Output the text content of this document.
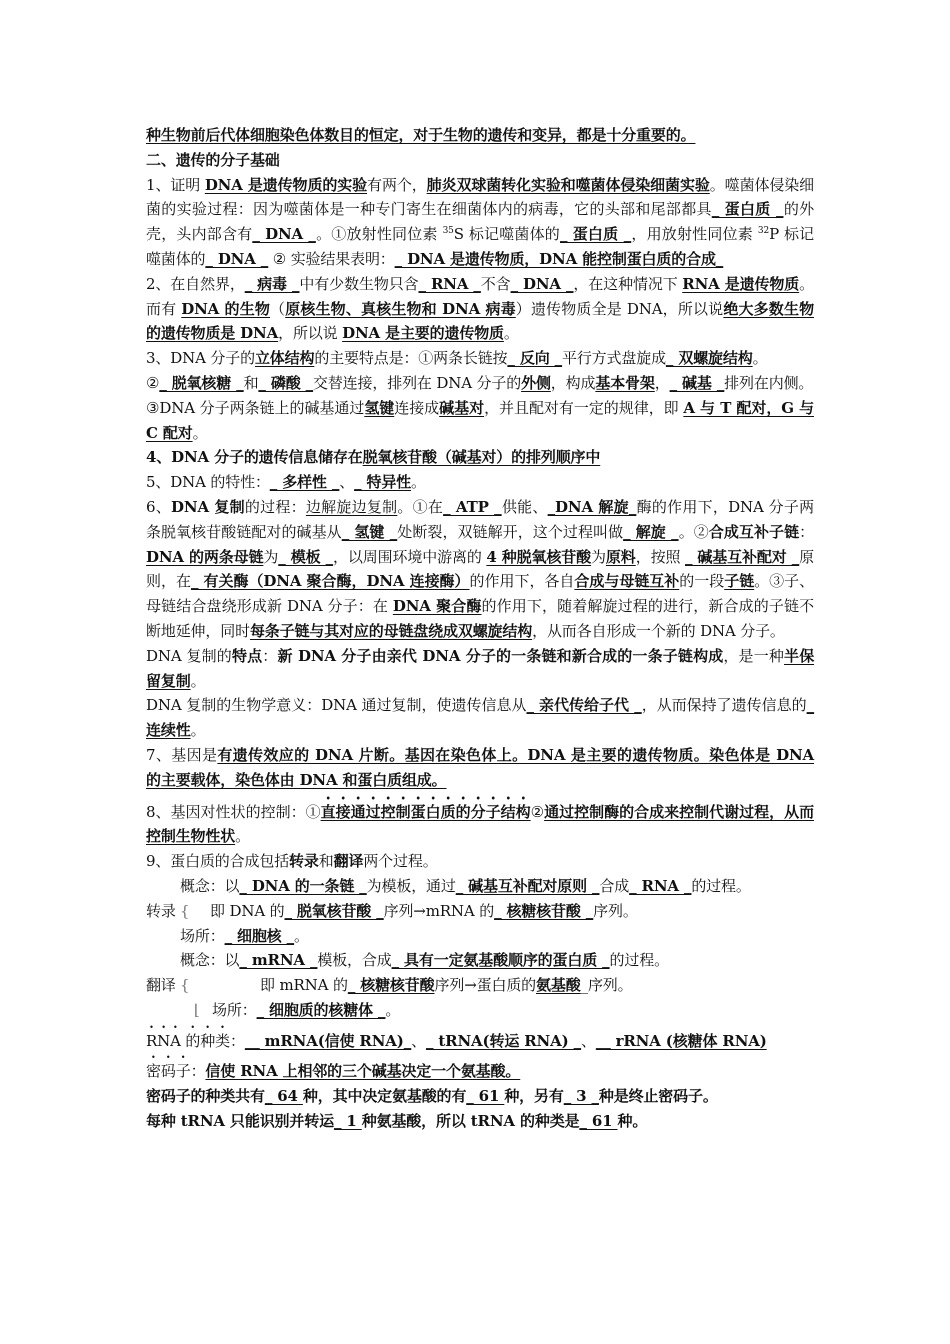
种生物前后代体细胞染色体数目的恒定，对于生物的遗传和变异，都是十分重要的。

二、遗传的分子基础

1、证明 DNA 是遗传物质的实验有两个，肺炎双球菌转化实验和噬菌体侵染细菌实验。噬菌体侵染细菌的实验过程：因为噬菌体是一种专门寄生在细菌体内的病毒，它的头部和尾部都具_ 蛋白质 _的外壳，头内部含有_ DNA _。①放射性同位素 $^{35}$S 标记噬菌体的_ 蛋白质 _，用放射性同位素 $^{32}$P 标记噬菌体的_ DNA _ ② 实验结果表明：_ DNA 是遗传物质，DNA 能控制蛋白质的合成_

2、在自然界，_ 病毒 _中有少数生物只含_ RNA _不含_ DNA _，在这种情况下 RNA 是遗传物质。而有 DNA 的生物（原核生物、真核生物和 DNA 病毒）遗传物质全是 DNA，所以说绝大多数生物的遗传物质是 DNA，所以说 DNA 是主要的遗传物质。

3、DNA 分子的立体结构的主要特点是：①两条长链按_ 反向 _平行方式盘旋成_ 双螺旋结构。

②_ 脱氧核糖 _和_ 磷酸 _交替连接，排列在 DNA 分子的外侧，构成基本骨架，_ 碱基 _排列在内侧。

③DNA 分子两条链上的碱基通过氢键连接成碱基对，并且配对有一定的规律，即 A 与 T 配对，G 与 C 配对。

4、DNA 分子的遗传信息储存在脱氧核苷酸（碱基对）的排列顺序中

5、DNA 的特性：_ 多样性 _、_ 特异性。

6、DNA 复制的过程：边解旋边复制。①在_ ATP _供能、_DNA 解旋_酶的作用下，DNA 分子两条脱氧核苷酸链配对的碱基从_ 氢键 _处断裂，双链解开，这个过程叫做_ 解旋 _。②合成互补子链：DNA 的两条母链为_ 模板 _，以周围环境中游离的 4 种脱氧核苷酸为原料，按照 _ 碱基互补配对 _原则，在_ 有关酶（DNA 聚合酶，DNA 连接酶）的作用下，各自合成与母链互补的一段子链。③子、母链结合盘绕形成新 DNA 分子：在 DNA 聚合酶的作用下，随着解旋过程的进行，新合成的子链不断地延伸，同时每条子链与其对应的母链盘绕成双螺旋结构，从而各自形成一个新的 DNA 分子。

DNA 复制的特点：新 DNA 分子由亲代 DNA 分子的一条链和新合成的一条子链构成，是一种半保留复制。

DNA 复制的生物学意义：DNA 通过复制，使遗传信息从_ 亲代传给子代 _，从而保持了遗传信息的_ 连续性。

7、基因是有遗传效应的 DNA 片断。基因在染色体上。DNA 是主要的遗传物质。染色体是 DNA 的主要载体，染色体由 DNA 和蛋白质组成。

8、基因对性状的控制：①直接通过控制蛋白质的分子结构②通过控制酶的合成来控制代谢过程，从而控制生物性状。

9、蛋白质的合成包括转录和翻译两个过程。

概念：以_ DNA 的一条链 _为模板，通过_ 碱基互补配对原则 _合成_ RNA _的过程。

转录 { 即 DNA 的_ 脱氧核苷酸 _序列→mRNA 的_ 核糖核苷酸 _序列。

场所：_ 细胞核 _。

概念：以_ mRNA _模板，合成_ 具有一定氨基酸顺序的蛋白质 _的过程。

翻译 {	即 mRNA 的_ 核糖核苷酸序列→蛋白质的氨基酸_序列。

⌊ 场所：_ 细胞质的核糖体 _。

RNA 的种类：__ mRNA(信使 RNA)_、_ tRNA(转运 RNA) _、__ rRNA (核糖体 RNA)

密码子：信使 RNA 上相邻的三个碱基决定一个氨基酸。

密码子的种类共有_ 64 种，其中决定氨基酸的有_ 61 种，另有_ 3 _种是终止密码子。

每种 tRNA 只能识别并转运_ 1 种氨基酸，所以 tRNA 的种类是_ 61 种。
